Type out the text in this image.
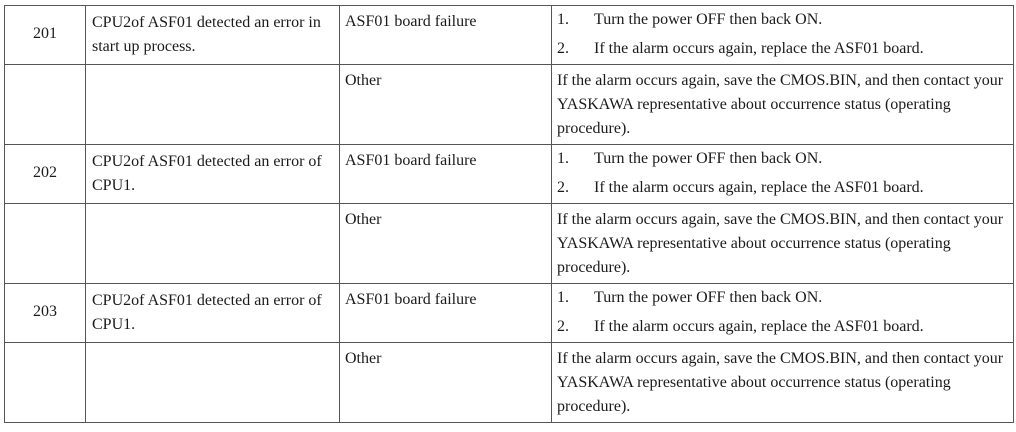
201	CPU2of ASF01 detected an error in start up process.	ASF01 board failure	1. Turn the power OFF then back ON.
2. If the alarm occurs again, replace the ASF01 board.

		Other	If the alarm occurs again, save the CMOS.BIN, and then contact your YASKAWA representative about occurrence status (operating procedure).

202	CPU2of ASF01 detected an error of CPU1.	ASF01 board failure	1. Turn the power OFF then back ON.
2. If the alarm occurs again, replace the ASF01 board.

		Other	If the alarm occurs again, save the CMOS.BIN, and then contact your YASKAWA representative about occurrence status (operating procedure).

203	CPU2of ASF01 detected an error of CPU1.	ASF01 board failure	1. Turn the power OFF then back ON.
2. If the alarm occurs again, replace the ASF01 board.

		Other	If the alarm occurs again, save the CMOS.BIN, and then contact your YASKAWA representative about occurrence status (operating procedure).
